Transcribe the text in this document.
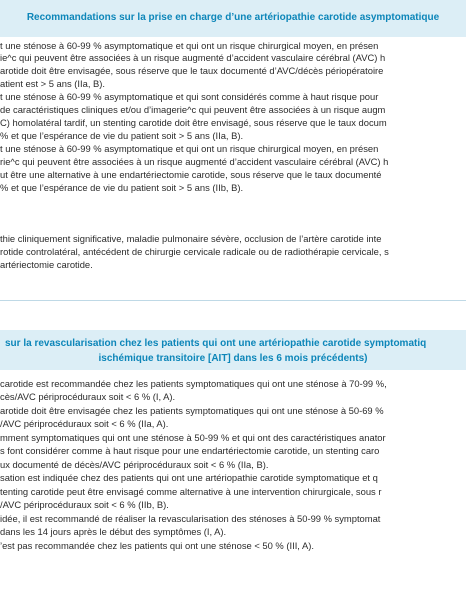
Recommandations sur la prise en charge d’une artériopathie carotide asymptomatique
t une sténose à 60-99 % asymptomatique et qui ont un risque chirurgical moyen, en présen
ie^c qui peuvent être associées à un risque augmenté d’accident vasculaire cérébral (AVC) h
arotide doit être envisagée, sous réserve que le taux documenté d’AVC/décès périopératoire
atient est > 5 ans (IIa, B).
t une sténose à 60-99 % asymptomatique et qui sont considérés comme à haut risque pour
de caractéristiques cliniques et/ou d’imagerie^c qui peuvent être associées à un risque augm
C) homolatéral tardif, un stenting carotide doit être envisagé, sous réserve que le taux docum
% et que l’espérance de vie du patient soit > 5 ans (IIa, B).
t une sténose à 60-99 % asymptomatique et qui ont un risque chirurgical moyen, en présen
rie^c qui peuvent être associées à un risque augmenté d’accident vasculaire cérébral (AVC) h
ut être une alternative à une endartériectomie carotide, sous réserve que le taux documenté
% et que l’espérance de vie du patient soit > 5 ans (IIb, B).
thie cliniquement significative, maladie pulmonaire sévère, occlusion de l’artère carotide inte
rotide controlatéral, antécédent de chirurgie cervicale radicale ou de radiothérapie cervicale, s
artériectomie carotide.
sur la revascularisation chez les patients qui ont une artériopathie carotide symptomatiq
ischémique transitoire [AIT] dans les 6 mois précédents)
carotide est recommandée chez les patients symptomatiques qui ont une sténose à 70-99 %,
cès/AVC périprocéduraux soit < 6 % (I, A).
arotide doit être envisagée chez les patients symptomatiques qui ont une sténose à 50-69 %
/AVC périprocéduraux soit < 6 % (IIa, A).
mment symptomatiques qui ont une sténose à 50-99 % et qui ont des caractéristiques anator
s font considérer comme à haut risque pour une endartériectomie carotide, un stenting caro
ux documenté de décès/AVC périprocéduraux soit < 6 % (IIa, B).
sation est indiquée chez des patients qui ont une artériopathie carotide symptomatique et q
tenting carotide peut être envisagé comme alternative à une intervention chirurgicale, sous r
/AVC périprocéduraux soit < 6 % (IIb, B).
idée, il est recommandé de réaliser la revascularisation des sténoses à 50-99 % symptomat
dans les 14 jours après le début des symptômes (I, A).
’est pas recommandée chez les patients qui ont une sténose < 50 % (III, A).
